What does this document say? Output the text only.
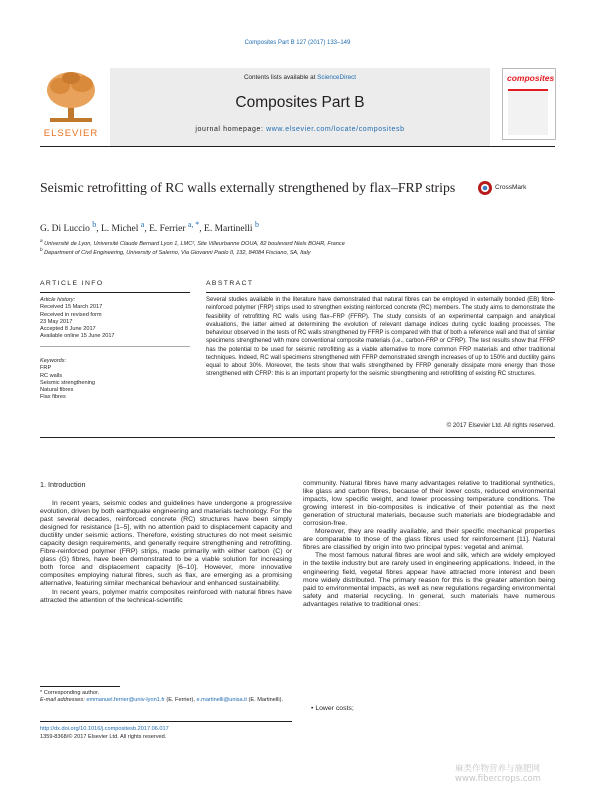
Composites Part B 127 (2017) 133–149
ELSEVIER
Contents lists available at ScienceDirect
Composites Part B
journal homepage: www.elsevier.com/locate/compositesb
composites
Seismic retrofitting of RC walls externally strengthened by flax–FRP strips	CrossMark
G. Di Luccio $^b$, L. Michel $^a$, E. Ferrier $^{a, *}$, E. Martinelli $^b$
$^a$ Université de Lyon, Université Claude Bernard Lyon 1, LMC², Site Villeurbanne DOUA, 82 boulevard Niels BOHR, France
$^b$ Department of Civil Engineering, University of Salerno, Via Giovanni Paolo II, 132, 84084 Fisciano, SA, Italy
ARTICLE INFO
Article history:
Received 15 March 2017
Received in revised form
23 May 2017
Accepted 8 June 2017
Available online 15 June 2017
Keywords:
FRP
RC walls
Seismic strengthening
Natural fibres
Flax fibres
ABSTRACT
Several studies available in the literature have demonstrated that natural fibres can be employed in externally bonded (EB) fibre-reinforced polymer (FRP) strips used to strengthen existing reinforced concrete (RC) members. The study aims to demonstrate the feasibility of retrofitting RC walls using flax–FRP (FFRP). The study consists of an experimental campaign and analytical evaluations, the latter aimed at determining the evolution of relevant damage indices during cyclic loading processes. The behaviour observed in the tests of RC walls strengthened by FFRP is compared with that of both a reference wall and that of similar specimens strengthened with more conventional composite materials (i.e., carbon-FRP or CFRP). The test results show that FFRP has the potential to be used for seismic retrofitting as a viable alternative to more common FRP materials and other traditional techniques. Indeed, RC wall specimens strengthened with FFRP demonstrated strength increases of up to 150% and ductility gains equal to about 30%. Moreover, the tests show that walls strengthened by FFRP generally dissipate more energy than those strengthened with CFRP: this is an important property for the seismic strengthening and retrofitting of existing RC structures.
© 2017 Elsevier Ltd. All rights reserved.
1. Introduction

In recent years, seismic codes and guidelines have undergone a progressive evolution, driven by both earthquake engineering and materials technology. For the past several decades, reinforced concrete (RC) structures have been simply designed for resistance [1–5], with no attention paid to displacement capacity and ductility under seismic actions. Therefore, existing structures do not meet seismic capacity design requirements, and generally require strengthening and retrofitting. Fibre-reinforced polymer (FRP) strips, made primarily with either carbon (C) or glass (G) fibres, have been demonstrated to be a viable solution for increasing both force and displacement capacity [6–10]. However, more innovative composites employing natural fibres, such as flax, are emerging as a promising alternative, featuring similar mechanical behaviour and enhanced sustainability.

In recent years, polymer matrix composites reinforced with natural fibres have attracted the attention of the technical-scientific

community. Natural fibres have many advantages relative to traditional synthetics, like glass and carbon fibres, because of their lower costs, reduced environmental impacts, low specific weight, and lower processing temperature conditions. The growing interest in bio-composites is indicative of their potential as the next generation of structural materials, because such materials are biodegradable and corrosion-free.

Moreover, they are readily available, and their specific mechanical properties are comparable to those of the glass fibres used for reinforcement [11]. Natural fibres are classified by origin into two principal types: vegetal and animal.

The most famous natural fibres are wool and silk, which are widely employed in the textile industry but are rarely used in engineering applications. Indeed, in the engineering field, vegetal fibres appear have attracted more interest and been more widely distributed. The primary reason for this is the greater attention being paid to environmental impacts, as well as new regulations regarding environmental safety and material recycling. In general, such materials have numerous advantages relative to traditional ones:

• Lower costs;
* Corresponding author.
E-mail addresses: emmanuel.ferrier@univ-lyon1.fr (E. Ferrier), e.martinelli@unisa.it (E. Martinelli).
http://dx.doi.org/10.1016/j.compositesb.2017.06.017
1359-8368/© 2017 Elsevier Ltd. All rights reserved.
麻类作物营养与施肥网 www.fibercrops.com
